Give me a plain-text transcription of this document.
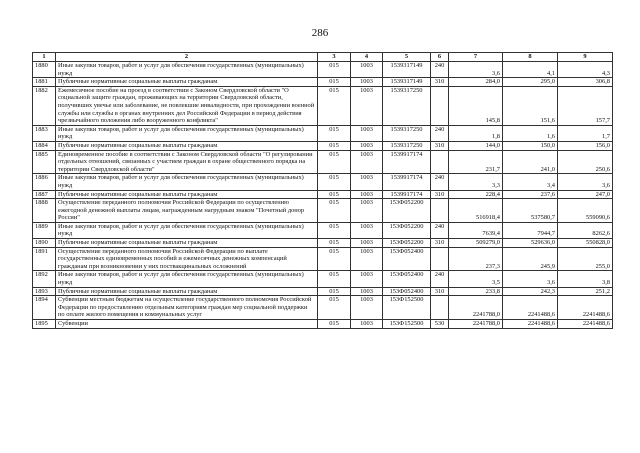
286
1	2	3	4	5	6	7	8	9
1880	Иные закупки товаров, работ и услуг для обеспечения государственных (муниципальных) нужд	015	1003	1539317149	240	3,6	4,1	4,3
1881	Публичные нормативные социальные выплаты гражданам	015	1003	1539317149	310	284,0	295,0	306,8
1882	Ежемесячное пособие на проезд в соответствии с Законом Свердловской области "О социальной защите граждан, проживающих на территории Свердловской области, получивших увечье или заболевание, не повлекшие инвалидности, при прохождении военной службы или службы в органах внутренних дел Российской Федерации в период действия чрезвычайного положения либо вооруженного конфликта"	015	1003	1539317250		145,8	151,6	157,7
1883	Иные закупки товаров, работ и услуг для обеспечения государственных (муниципальных) нужд	015	1003	1539317250	240	1,8	1,6	1,7
1884	Публичные нормативные социальные выплаты гражданам	015	1003	1539317250	310	144,0	150,0	156,0
1885	Единовременное пособие в соответствии с Законом Свердловской области "О регулировании отдельных отношений, связанных с участием граждан в охране общественного порядка на территории Свердловской области"	015	1003	1539917174		231,7	241,0	250,6
1886	Иные закупки товаров, работ и услуг для обеспечения государственных (муниципальных) нужд	015	1003	1539917174	240	3,3	3,4	3,6
1887	Публичные нормативные социальные выплаты гражданам	015	1003	1539917174	310	228,4	237,6	247,0
1888	Осуществление переданного полномочия Российской Федерации по осуществлению ежегодной денежной выплаты лицам, награжденным нагрудным знаком "Почетный донор России"	015	1003	153Ф052200		516918,4	537580,7	559090,6
1889	Иные закупки товаров, работ и услуг для обеспечения государственных (муниципальных) нужд	015	1003	153Ф052200	240	7639,4	7944,7	8262,6
1890	Публичные нормативные социальные выплаты гражданам	015	1003	153Ф052200	310	509279,0	529636,0	550828,0
1891	Осуществление переданного полномочия Российской Федерации по выплате государственных единовременных пособий и ежемесячных денежных компенсаций гражданам при возникновении у них поствакцинальных осложнений	015	1003	153Ф052400		237,3	245,9	255,0
1892	Иные закупки товаров, работ и услуг для обеспечения государственных (муниципальных) нужд	015	1003	153Ф052400	240	3,5	3,6	3,8
1893	Публичные нормативные социальные выплаты гражданам	015	1003	153Ф052400	310	233,8	242,3	251,2
1894	Субвенции местным бюджетам на осуществление государственного полномочия Российской Федерации по предоставлению отдельным категориям граждан мер социальной поддержки по оплате жилого помещения и коммунальных услуг	015	1003	153Ф152500		2241788,0	2241488,6	2241488,6
1895	Субвенции	015	1003	153Ф152500	530	2241788,0	2241488,6	2241488,6
